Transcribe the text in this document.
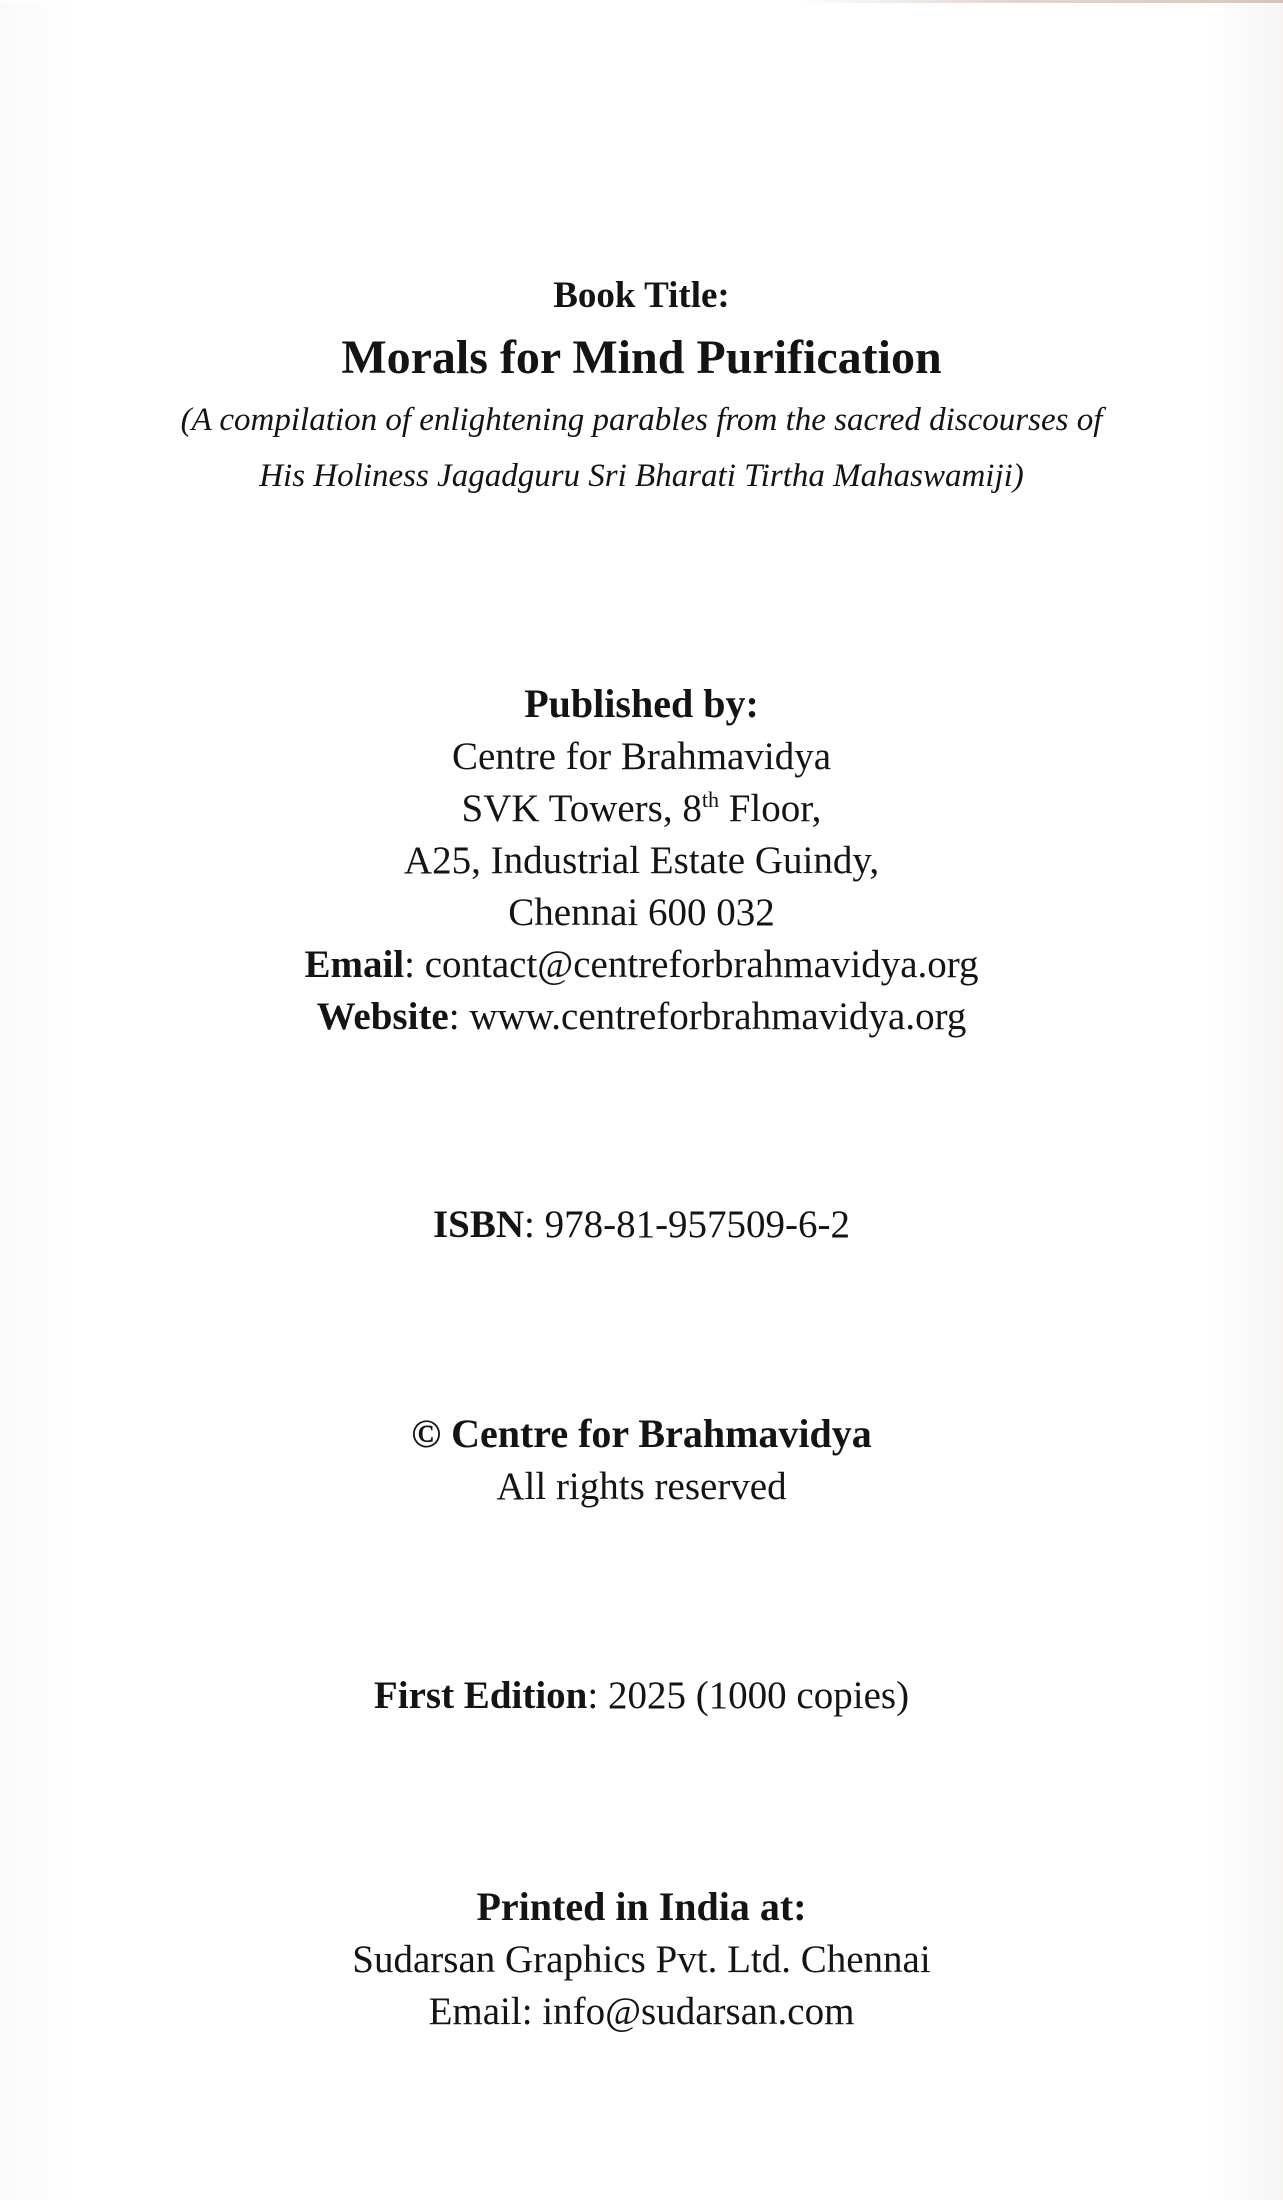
Book Title:
Morals for Mind Purification
(A compilation of enlightening parables from the sacred discourses of
His Holiness Jagadguru Sri Bharati Tirtha Mahaswamiji)
Published by:
Centre for Brahmavidya
SVK Towers, 8th Floor,
A25, Industrial Estate Guindy,
Chennai 600 032
Email: contact@centreforbrahmavidya.org
Website: www.centreforbrahmavidya.org
ISBN: 978-81-957509-6-2
© Centre for Brahmavidya
All rights reserved
First Edition: 2025 (1000 copies)
Printed in India at:
Sudarsan Graphics Pvt. Ltd. Chennai
Email: info@sudarsan.com
